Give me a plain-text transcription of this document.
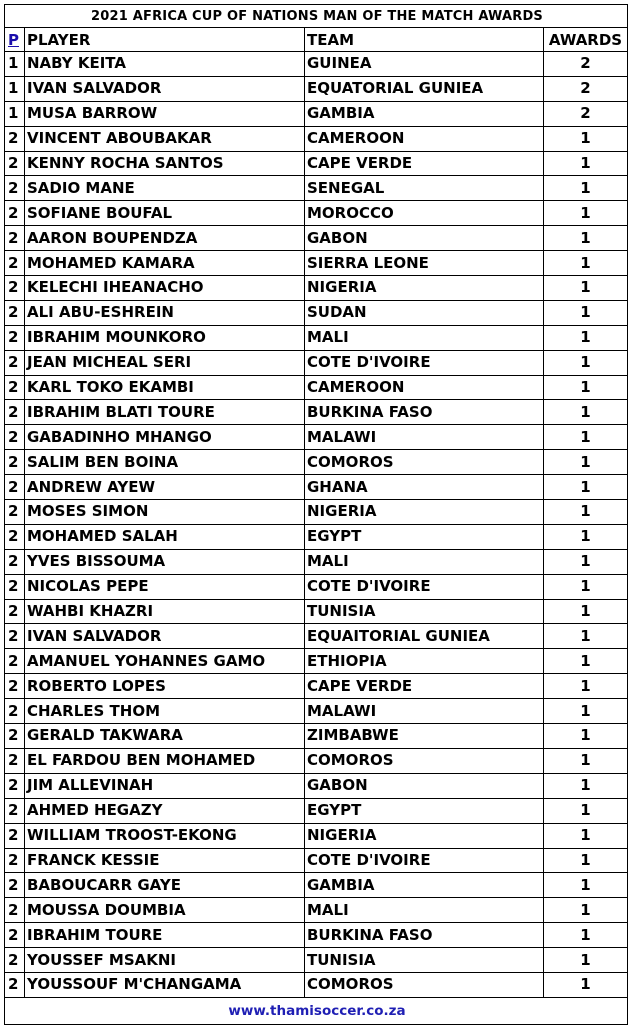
2021 AFRICA CUP OF NATIONS MAN OF THE MATCH AWARDS			
P	PLAYER	TEAM	AWARDS
1	NABY KEITA	GUINEA	2
1	IVAN SALVADOR	EQUATORIAL GUNIEA	2
1	MUSA BARROW	GAMBIA	2
2	VINCENT ABOUBAKAR	CAMEROON	1
2	KENNY ROCHA SANTOS	CAPE VERDE	1
2	SADIO MANE	SENEGAL	1
2	SOFIANE BOUFAL	MOROCCO	1
2	AARON BOUPENDZA	GABON	1
2	MOHAMED KAMARA	SIERRA LEONE	1
2	KELECHI IHEANACHO	NIGERIA	1
2	ALI ABU-ESHREIN	SUDAN	1
2	IBRAHIM MOUNKORO	MALI	1
2	JEAN MICHEAL SERI	COTE D'IVOIRE	1
2	KARL TOKO EKAMBI	CAMEROON	1
2	IBRAHIM BLATI TOURE	BURKINA FASO	1
2	GABADINHO MHANGO	MALAWI	1
2	SALIM BEN BOINA	COMOROS	1
2	ANDREW AYEW	GHANA	1
2	MOSES SIMON	NIGERIA	1
2	MOHAMED SALAH	EGYPT	1
2	YVES BISSOUMA	MALI	1
2	NICOLAS PEPE	COTE D'IVOIRE	1
2	WAHBI KHAZRI	TUNISIA	1
2	IVAN SALVADOR	EQUAITORIAL GUNIEA	1
2	AMANUEL YOHANNES GAMO	ETHIOPIA	1
2	ROBERTO LOPES	CAPE VERDE	1
2	CHARLES THOM	MALAWI	1
2	GERALD TAKWARA	ZIMBABWE	1
2	EL FARDOU BEN MOHAMED	COMOROS	1
2	JIM ALLEVINAH	GABON	1
2	AHMED HEGAZY	EGYPT	1
2	WILLIAM TROOST-EKONG	NIGERIA	1
2	FRANCK KESSIE	COTE D'IVOIRE	1
2	BABOUCARR GAYE	GAMBIA	1
2	MOUSSA DOUMBIA	MALI	1
2	IBRAHIM TOURE	BURKINA FASO	1
2	YOUSSEF MSAKNI	TUNISIA	1
2	YOUSSOUF M'CHANGAMA	COMOROS	1
www.thamisoccer.co.za			
